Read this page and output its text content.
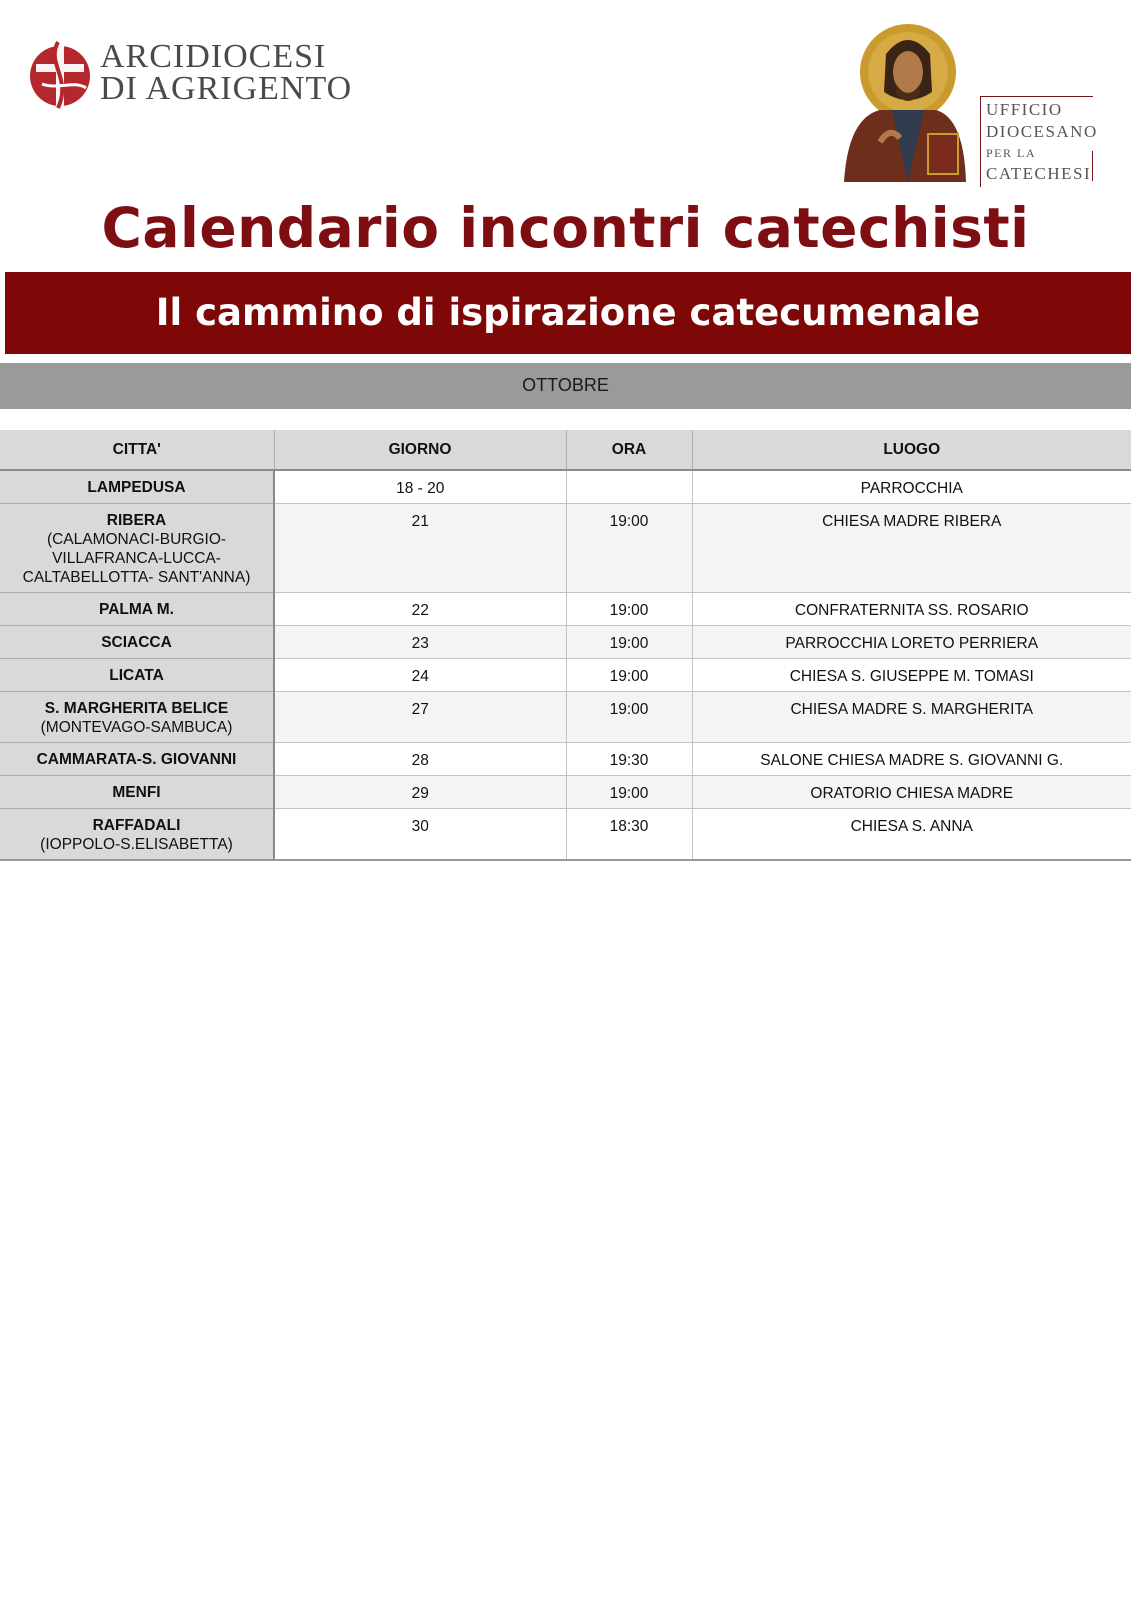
ARCIDIOCESI
DI AGRIGENTO
UFFICIO
DIOCESANO
PER LA
CATECHESI
Calendario incontri catechisti
Il cammino di ispirazione catecumenale
OTTOBRE
CITTA'	GIORNO	ORA	LUOGO

LAMPEDUSA	18 - 20		PARROCCHIA

RIBERA
(CALAMONACI-BURGIO-VILLAFRANCA-LUCCA-CALTABELLOTTA- SANT'ANNA)	21	19:00	CHIESA MADRE RIBERA

PALMA M.	22	19:00	CONFRATERNITA SS. ROSARIO

SCIACCA	23	19:00	PARROCCHIA LORETO PERRIERA

LICATA	24	19:00	CHIESA S. GIUSEPPE M. TOMASI

S. MARGHERITA BELICE
(MONTEVAGO-SAMBUCA)	27	19:00	CHIESA MADRE S. MARGHERITA

CAMMARATA-S. GIOVANNI	28	19:30	SALONE CHIESA MADRE S. GIOVANNI G.

MENFI	29	19:00	ORATORIO CHIESA MADRE

RAFFADALI
(IOPPOLO-S.ELISABETTA)	30	18:30	CHIESA S. ANNA
